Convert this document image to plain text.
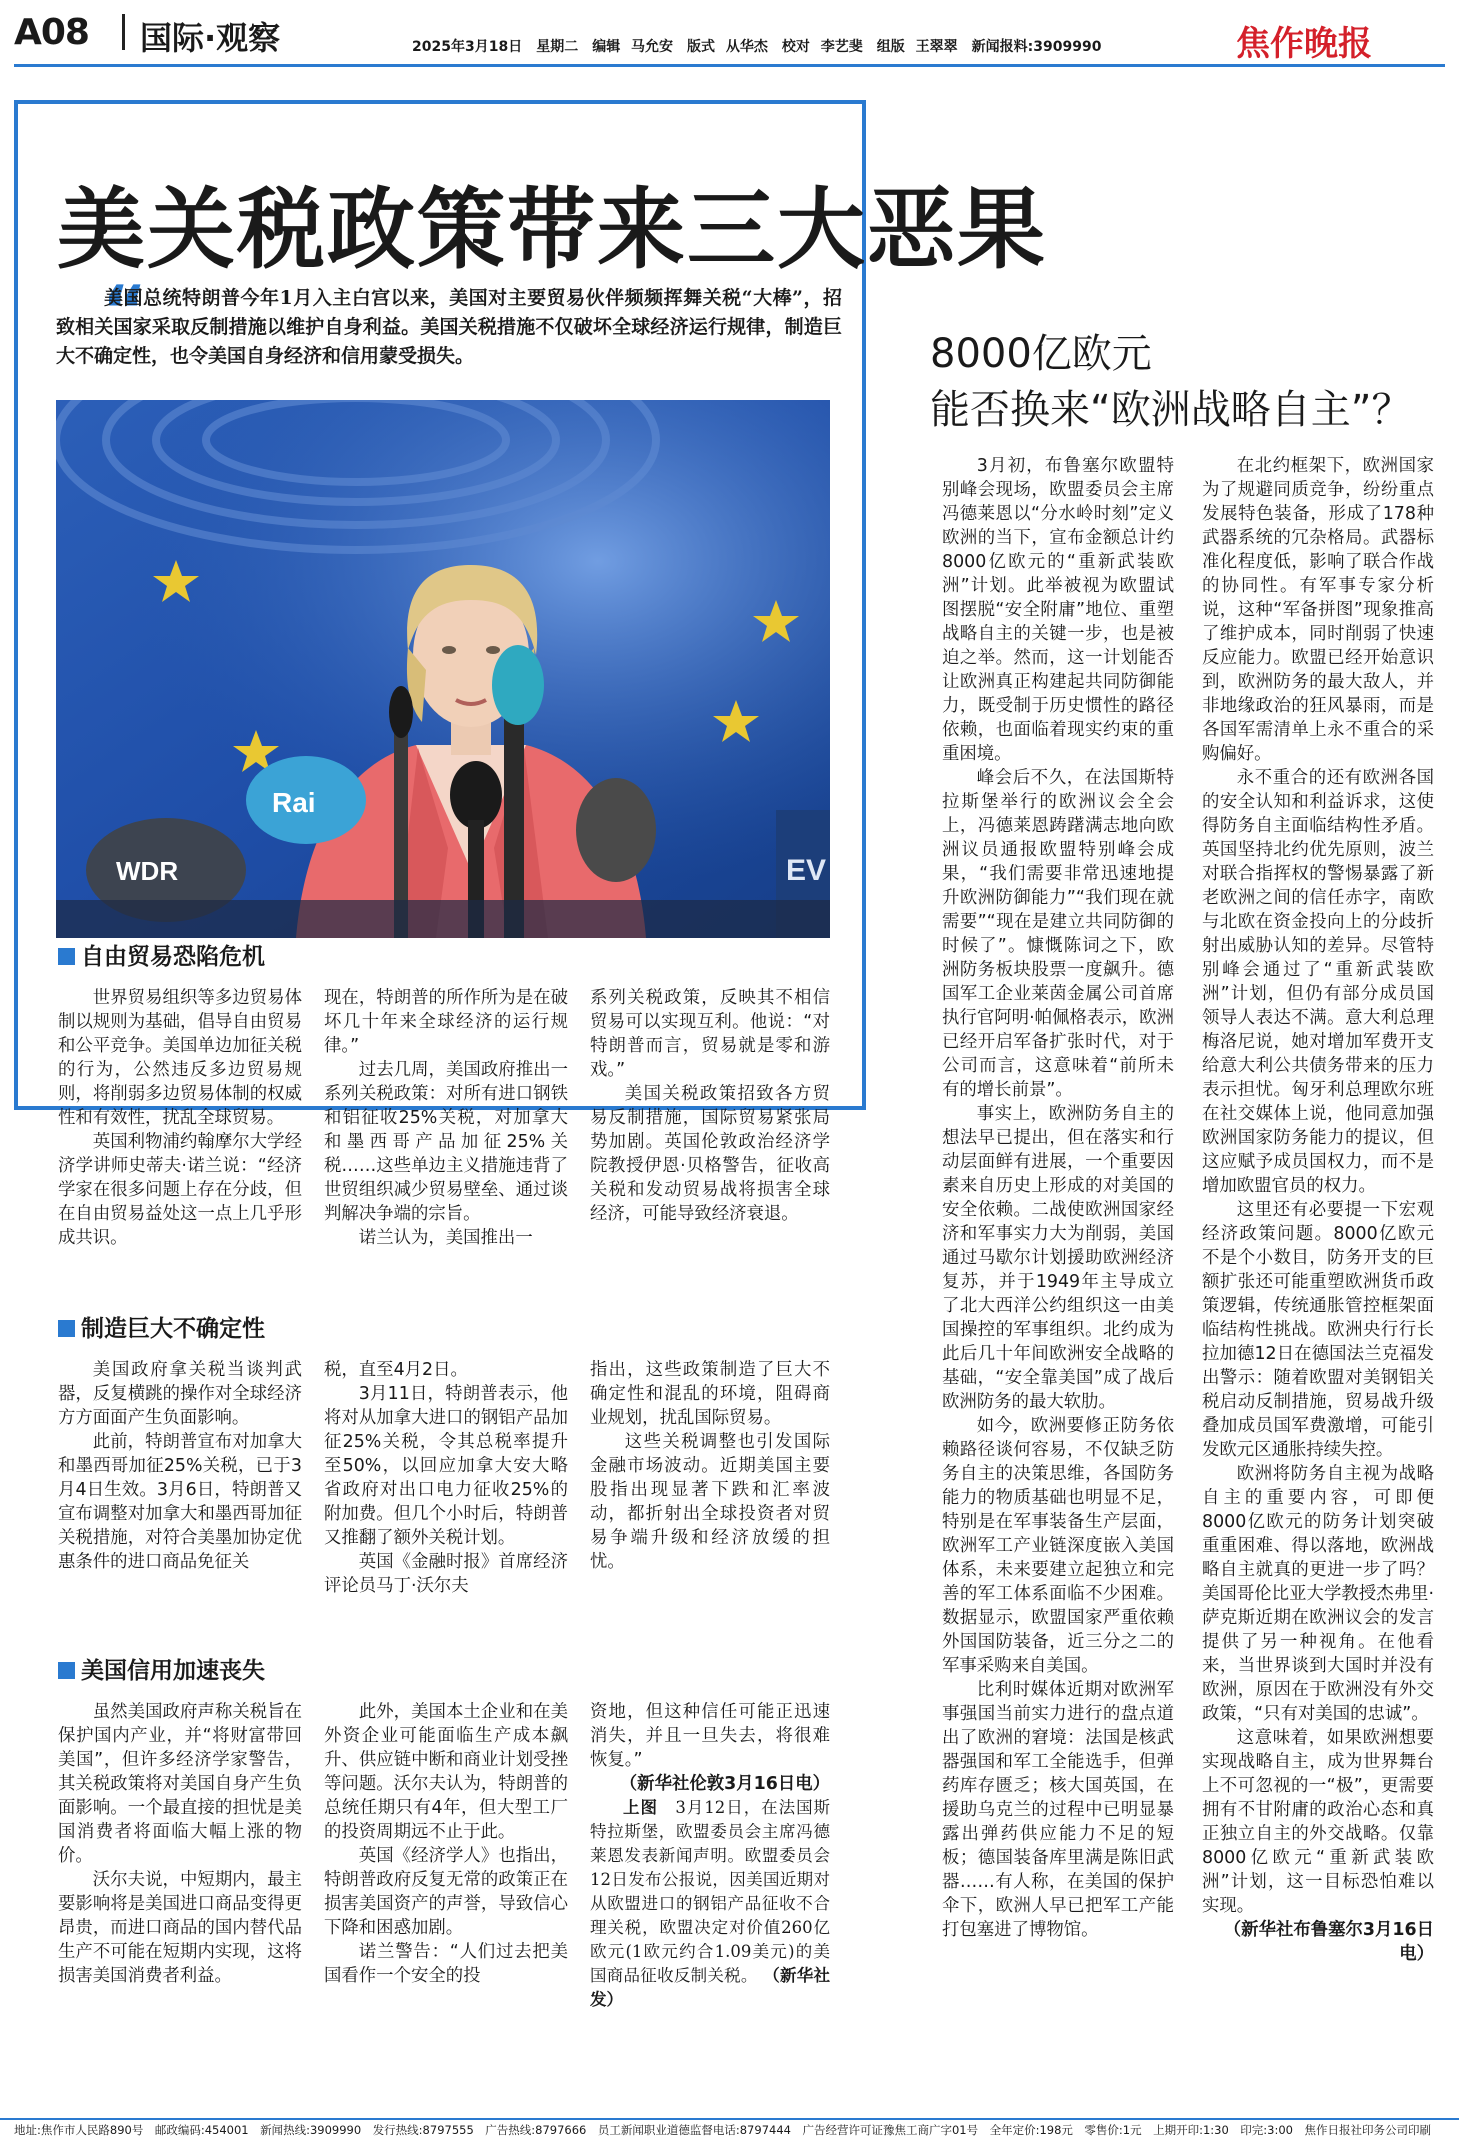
A08 国际·观察	2025年3月18日　星期二　编辑 马允安　版式 从华杰　校对 李艺斐　组版 王翠翠　新闻报料:3909990	焦作晚报
美关税政策带来三大恶果
“
美国总统特朗普今年1月入主白宫以来，美国对主要贸易伙伴频频挥舞关税“大棒”，招致相关国家采取反制措施以维护自身利益。美国关税措施不仅破坏全球经济运行规律，制造巨大不确定性，也令美国自身经济和信用蒙受损失。
EV
WDR
Rai
自由贸易恐陷危机

世界贸易组织等多边贸易体制以规则为基础，倡导自由贸易和公平竞争。美国单边加征关税的行为，公然违反多边贸易规则，将削弱多边贸易体制的权威性和有效性，扰乱全球贸易。

英国利物浦约翰摩尔大学经济学讲师史蒂夫·诺兰说：“经济学家在很多问题上存在分歧，但在自由贸易益处这一点上几乎形成共识。

现在，特朗普的所作所为是在破坏几十年来全球经济的运行规律。”

过去几周，美国政府推出一系列关税政策：对所有进口钢铁和铝征收25%关税，对加拿大和墨西哥产品加征25%关税……这些单边主义措施违背了世贸组织减少贸易壁垒、通过谈判解决争端的宗旨。

诺兰认为，美国推出一

系列关税政策，反映其不相信贸易可以实现互利。他说：“对特朗普而言，贸易就是零和游戏。”

美国关税政策招致各方贸易反制措施，国际贸易紧张局势加剧。英国伦敦政治经济学院教授伊恩·贝格警告，征收高关税和发动贸易战将损害全球经济，可能导致经济衰退。

制造巨大不确定性

美国政府拿关税当谈判武器，反复横跳的操作对全球经济方方面面产生负面影响。

此前，特朗普宣布对加拿大和墨西哥加征25%关税，已于3月4日生效。3月6日，特朗普又宣布调整对加拿大和墨西哥加征关税措施，对符合美墨加协定优惠条件的进口商品免征关

税，直至4月2日。

3月11日，特朗普表示，他将对从加拿大进口的钢铝产品加征25%关税，令其总税率提升至50%，以回应加拿大安大略省政府对出口电力征收25%的附加费。但几个小时后，特朗普又推翻了额外关税计划。

英国《金融时报》首席经济评论员马丁·沃尔夫

指出，这些政策制造了巨大不确定性和混乱的环境，阻碍商业规划，扰乱国际贸易。

这些关税调整也引发国际金融市场波动。近期美国主要股指出现显著下跌和汇率波动，都折射出全球投资者对贸易争端升级和经济放缓的担忧。

美国信用加速丧失

虽然美国政府声称关税旨在保护国内产业，并“将财富带回美国”，但许多经济学家警告，其关税政策将对美国自身产生负面影响。一个最直接的担忧是美国消费者将面临大幅上涨的物价。

沃尔夫说，中短期内，最主要影响将是美国进口商品变得更昂贵，而进口商品的国内替代品生产不可能在短期内实现，这将损害美国消费者利益。

此外，美国本土企业和在美外资企业可能面临生产成本飙升、供应链中断和商业计划受挫等问题。沃尔夫认为，特朗普的总统任期只有4年，但大型工厂的投资周期远不止于此。

英国《经济学人》也指出，特朗普政府反复无常的政策正在损害美国资产的声誉，导致信心下降和困惑加剧。

诺兰警告：“人们过去把美国看作一个安全的投

资地，但这种信任可能正迅速消失，并且一旦失去，将很难恢复。”

（新华社伦敦3月16日电）

上图　 3月12日，在法国斯特拉斯堡，欧盟委员会主席冯德莱恩发表新闻声明。欧盟委员会12日发布公报说，因美国近期对从欧盟进口的钢铝产品征收不合理关税，欧盟决定对价值260亿欧元(1欧元约合1.09美元)的美国商品征收反制关税。 （新华社发）

8000亿欧元
能否换来“欧洲战略自主”？

3月初，布鲁塞尔欧盟特别峰会现场，欧盟委员会主席冯德莱恩以“分水岭时刻”定义欧洲的当下，宣布金额总计约8000亿欧元的“重新武装欧洲”计划。此举被视为欧盟试图摆脱“安全附庸”地位、重塑战略自主的关键一步，也是被迫之举。然而，这一计划能否让欧洲真正构建起共同防御能力，既受制于历史惯性的路径依赖，也面临着现实约束的重重困境。

峰会后不久，在法国斯特拉斯堡举行的欧洲议会全会上，冯德莱恩踌躇满志地向欧洲议员通报欧盟特别峰会成果，“我们需要非常迅速地提升欧洲防御能力”“我们现在就需要”“现在是建立共同防御的时候了”。慷慨陈词之下，欧洲防务板块股票一度飙升。德国军工企业莱茵金属公司首席执行官阿明·帕佩格表示，欧洲已经开启军备扩张时代，对于公司而言，这意味着“前所未有的增长前景”。

事实上，欧洲防务自主的想法早已提出，但在落实和行动层面鲜有进展，一个重要因素来自历史上形成的对美国的安全依赖。二战使欧洲国家经济和军事实力大为削弱，美国通过马歇尔计划援助欧洲经济复苏，并于1949年主导成立了北大西洋公约组织这一由美国操控的军事组织。北约成为此后几十年间欧洲安全战略的基础，“安全靠美国”成了战后欧洲防务的最大软肋。

如今，欧洲要修正防务依赖路径谈何容易，不仅缺乏防务自主的决策思维，各国防务能力的物质基础也明显不足，特别是在军事装备生产层面，欧洲军工产业链深度嵌入美国体系，未来要建立起独立和完善的军工体系面临不少困难。数据显示，欧盟国家严重依赖外国国防装备，近三分之二的军事采购来自美国。

比利时媒体近期对欧洲军事强国当前实力进行的盘点道出了欧洲的窘境：法国是核武器强国和军工全能选手，但弹药库存匮乏；核大国英国，在援助乌克兰的过程中已明显暴露出弹药供应能力不足的短板；德国装备库里满是陈旧武器……有人称，在美国的保护伞下，欧洲人早已把军工产能打包塞进了博物馆。

在北约框架下，欧洲国家为了规避同质竞争，纷纷重点发展特色装备，形成了178种武器系统的冗杂格局。武器标准化程度低，影响了联合作战的协同性。有军事专家分析说，这种“军备拼图”现象推高了维护成本，同时削弱了快速反应能力。欧盟已经开始意识到，欧洲防务的最大敌人，并非地缘政治的狂风暴雨，而是各国军需清单上永不重合的采购偏好。

永不重合的还有欧洲各国的安全认知和利益诉求，这使得防务自主面临结构性矛盾。英国坚持北约优先原则，波兰对联合指挥权的警惕暴露了新老欧洲之间的信任赤字，南欧与北欧在资金投向上的分歧折射出威胁认知的差异。尽管特别峰会通过了“重新武装欧洲”计划，但仍有部分成员国领导人表达不满。意大利总理梅洛尼说，她对增加军费开支给意大利公共债务带来的压力表示担忧。匈牙利总理欧尔班在社交媒体上说，他同意加强欧洲国家防务能力的提议，但这应赋予成员国权力，而不是增加欧盟官员的权力。

这里还有必要提一下宏观经济政策问题。8000亿欧元不是个小数目，防务开支的巨额扩张还可能重塑欧洲货币政策逻辑，传统通胀管控框架面临结构性挑战。欧洲央行行长拉加德12日在德国法兰克福发出警示：随着欧盟对美钢铝关税启动反制措施，贸易战升级叠加成员国军费激增，可能引发欧元区通胀持续失控。

欧洲将防务自主视为战略自主的重要内容，可即便8000亿欧元的防务计划突破重重困难、得以落地，欧洲战略自主就真的更进一步了吗？美国哥伦比亚大学教授杰弗里·萨克斯近期在欧洲议会的发言提供了另一种视角。在他看来，当世界谈到大国时并没有欧洲，原因在于欧洲没有外交政策，“只有对美国的忠诚”。

这意味着，如果欧洲想要实现战略自主，成为世界舞台上不可忽视的一“极”，更需要拥有不甘附庸的政治心态和真正独立自主的外交战略。仅靠8000亿欧元“重新武装欧洲”计划，这一目标恐怕难以实现。

（新华社布鲁塞尔3月16日电）

地址:焦作市人民路890号　邮政编码:454001　新闻热线:3909990　发行热线:8797555　广告热线:8797666　员工新闻职业道德监督电话:8797444　广告经营许可证豫焦工商广字01号　全年定价:198元　零售价:1元　上期开印:1:30　印完:3:00　焦作日报社印务公司印刷
